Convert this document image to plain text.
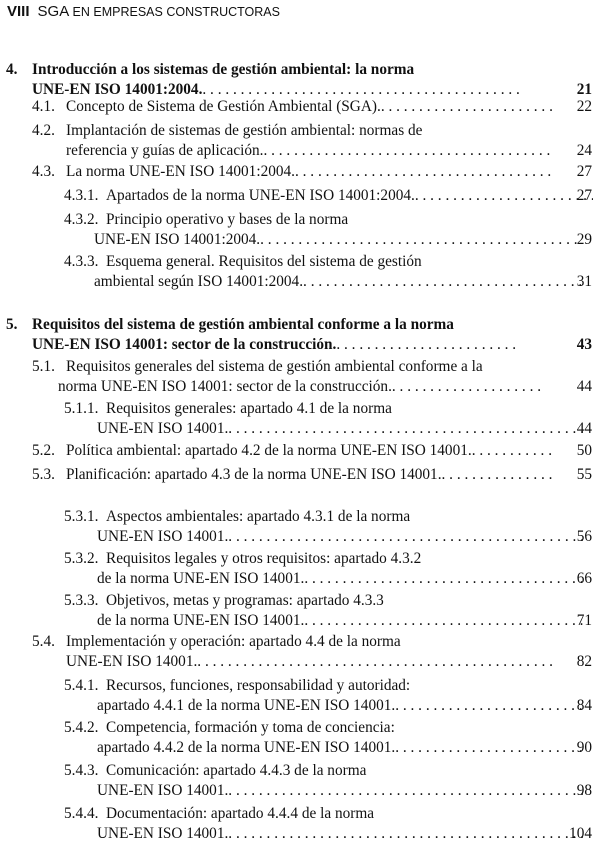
VIII SGA EN EMPRESAS CONSTRUCTORAS
4. Introducción a los sistemas de gestión ambiental: la norma
UNE-EN ISO 14001:2004. . . .	21
4.1. Concepto de Sistema de Gestión Ambiental (SGA). . . .	22
4.2. Implantación de sistemas de gestión ambiental: normas de
referencia y guías de aplicación. . . .	24
4.3. La norma UNE-EN ISO 14001:2004. . . .	27
4.3.1. Apartados de la norma UNE-EN ISO 14001:2004. . . .	27
4.3.2. Principio operativo y bases de la norma
UNE-EN ISO 14001:2004. . . .	29
4.3.3. Esquema general. Requisitos del sistema de gestión
ambiental según ISO 14001:2004. . . .	31
5. Requisitos del sistema de gestión ambiental conforme a la norma
UNE-EN ISO 14001: sector de la construcción. . . .	43
5.1. Requisitos generales del sistema de gestión ambiental conforme a la
norma UNE-EN ISO 14001: sector de la construcción. . . .	44
5.1.1. Requisitos generales: apartado 4.1 de la norma
UNE-EN ISO 14001. . . .	44
5.2. Política ambiental: apartado 4.2 de la norma UNE-EN ISO 14001. . . .	50
5.3. Planificación: apartado 4.3 de la norma UNE-EN ISO 14001. . . .	55
5.3.1. Aspectos ambientales: apartado 4.3.1 de la norma
UNE-EN ISO 14001. . . .	56
5.3.2. Requisitos legales y otros requisitos: apartado 4.3.2
de la norma UNE-EN ISO 14001. . . .	66
5.3.3. Objetivos, metas y programas: apartado 4.3.3
de la norma UNE-EN ISO 14001. . . .	71
5.4. Implementación y operación: apartado 4.4 de la norma
UNE-EN ISO 14001. . . .	82
5.4.1. Recursos, funciones, responsabilidad y autoridad:
apartado 4.4.1 de la norma UNE-EN ISO 14001. . . .	84
5.4.2. Competencia, formación y toma de conciencia:
apartado 4.4.2 de la norma UNE-EN ISO 14001. . . .	90
5.4.3. Comunicación: apartado 4.4.3 de la norma
UNE-EN ISO 14001. . . .	98
5.4.4. Documentación: apartado 4.4.4 de la norma
UNE-EN ISO 14001. . . .	104
